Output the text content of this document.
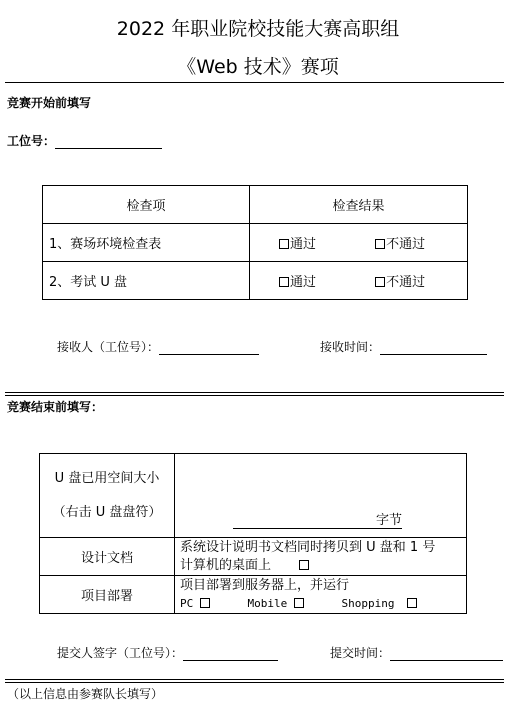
2022 年职业院校技能大赛高职组
《Web 技术》赛项
竞赛开始前填写
工位号：
检查项	检查结果
1、赛场环境检查表	通过 不通过
2、考试 U 盘	通过 不通过
接收人（工位号）：	接收时间：
竞赛结束前填写：
U 盘已用空间大小
（右击 U 盘盘符）	字节
设计文档	系统设计说明书文档同时拷贝到 U 盘和 1 号
计算机的桌面上

项目部署	项目部署到服务器上，并运行
PC Mobile Shopping
提交人签字（工位号）：	提交时间：
（以上信息由参赛队长填写）
